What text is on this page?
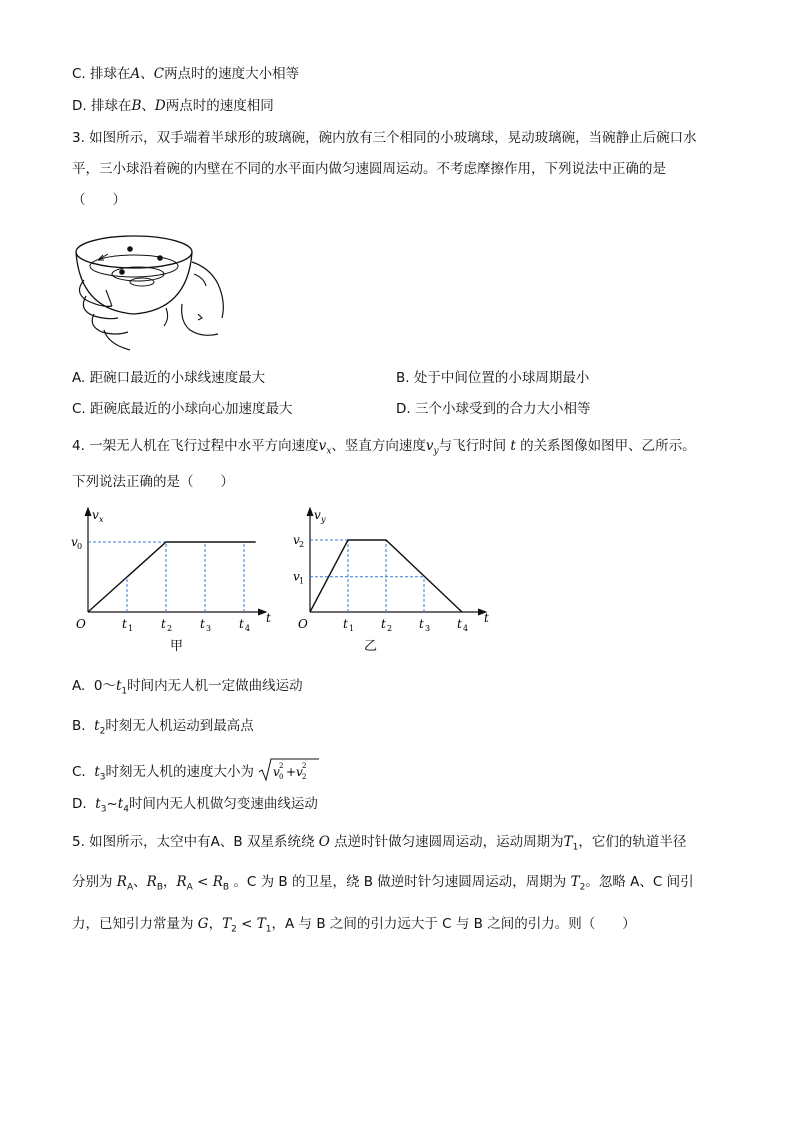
C. 排球在A、C两点时的速度大小相等
D. 排球在B、D两点时的速度相同
3. 如图所示，双手端着半球形的玻璃碗，碗内放有三个相同的小玻璃球，晃动玻璃碗，当碗静止后碗口水
平，三小球沿着碗的内壁在不同的水平面内做匀速圆周运动。不考虑摩擦作用，下列说法中正确的是
（　　）
A. 距碗口最近的小球线速度最大	B. 处于中间位置的小球周期最小
C. 距碗底最近的小球向心加速度最大	D. 三个小球受到的合力大小相等
4. 一架无人机在飞行过程中水平方向速度$v_x$、竖直方向速度$v_y$与飞行时间 t 的关系图像如图甲、乙所示。
下列说法正确的是（　　）
v x
t
O	t 1 t 2 t 3 t 4
v 0
甲
v y
t
O	t 1 t 2 t 3 t 4
v 2
v 1
乙
A.  $0\sim t_1$时间内无人机一定做曲线运动
B.  $t_2$时刻无人机运动到最高点
C.  $t_3$时刻无人机的速度大小为 v 0
2 + v 2
2
D.  $t_3\sim t_4$时间内无人机做匀变速曲线运动
5. 如图所示，太空中有A、B 双星系统绕 O 点逆时针做匀速圆周运动，运动周期为$T_1$，它们的轨道半径
分别为 $R_A$、$R_B$，$R_A < R_B$ 。C 为 B 的卫星，绕 B 做逆时针匀速圆周运动，周期为 $T_2$。忽略 A、C 间引
力，已知引力常量为 G，$T_2 < T_1$，A 与 B 之间的引力远大于 C 与 B 之间的引力。则（　　）
